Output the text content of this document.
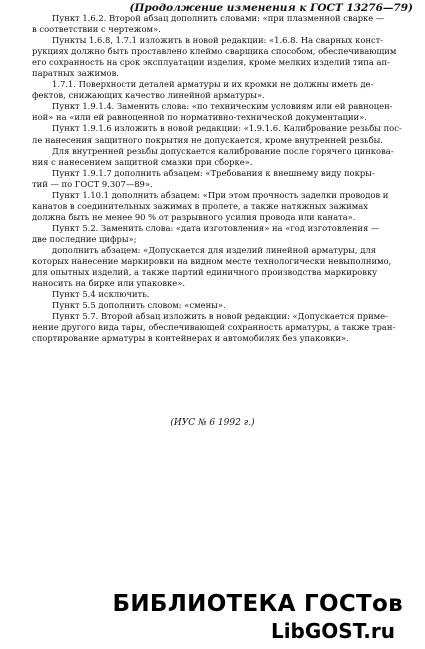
(Продолжение изменения к ГОСТ 13276—79)
Пункт 1.6.2. Второй абзац дополнить словами: «при плазменной сварке —
в соответствии с чертежом».
Пункты 1.6.8, 1.7.1 изложить в новой редакции: «1.6.8. На сварных конст-
рукциях должно быть проставлено клеймо сварщика способом, обеспечивающим
его сохранность на срок эксплуатации изделия, кроме мелких изделий типа ап-
паратных зажимов.
1.7.1. Поверхности деталей арматуры и их кромки не должны иметь де-
фектов, снижающих качество линейной арматуры».
Пункт 1.9.1.4. Заменить слова: «по техническим условиям или ей равноцен-
ной» на «или ей равноценной по нормативно-технической документации».
Пункт 1.9.1.6 изложить в новой редакции: «1.9.1.6. Калибрование резьбы пос-
ле нанесения защитного покрытия не допускается, кроме внутренней резьбы.
Для внутренней резьбы допускается калибрование после горячего цинкова-
ния с нанесением защитной смазки при сборке».
Пункт 1.9.1.7 дополнить абзацем: «Требования к внешнему виду покры-
тий — по ГОСТ 9.307—89».
Пункт 1.10.1 дополнить абзацем: «При этом прочность заделки проводов и
канатов в соединительных зажимах в пролете, а также натяжных зажимах
должна быть не менее 90 % от разрывного усилия провода или каната».
Пункт 5.2. Заменить слова: «дата изготовления» на «год изготовления —
две последние цифры»;
дополнить абзацем: «Допускается для изделий линейной арматуры, для
которых нанесение маркировки на видном месте технологически невыполнимо,
для опытных изделий, а также партий единичного производства маркировку
наносить на бирке или упаковке».
Пункт 5.4 исключить.
Пункт 5.5 дополнить словом: «смены».
Пункт 5.7. Второй абзац изложить в новой редакции: «Допускается приме-
нение другого вида тары, обеспечивающей сохранность арматуры, а также тран-
спортирование арматуры в контейнерах и автомобилях без упаковки».
(ИУС № 6 1992 г.)
БИБЛИОТЕКА ГОСТов
LibGOST.ru
